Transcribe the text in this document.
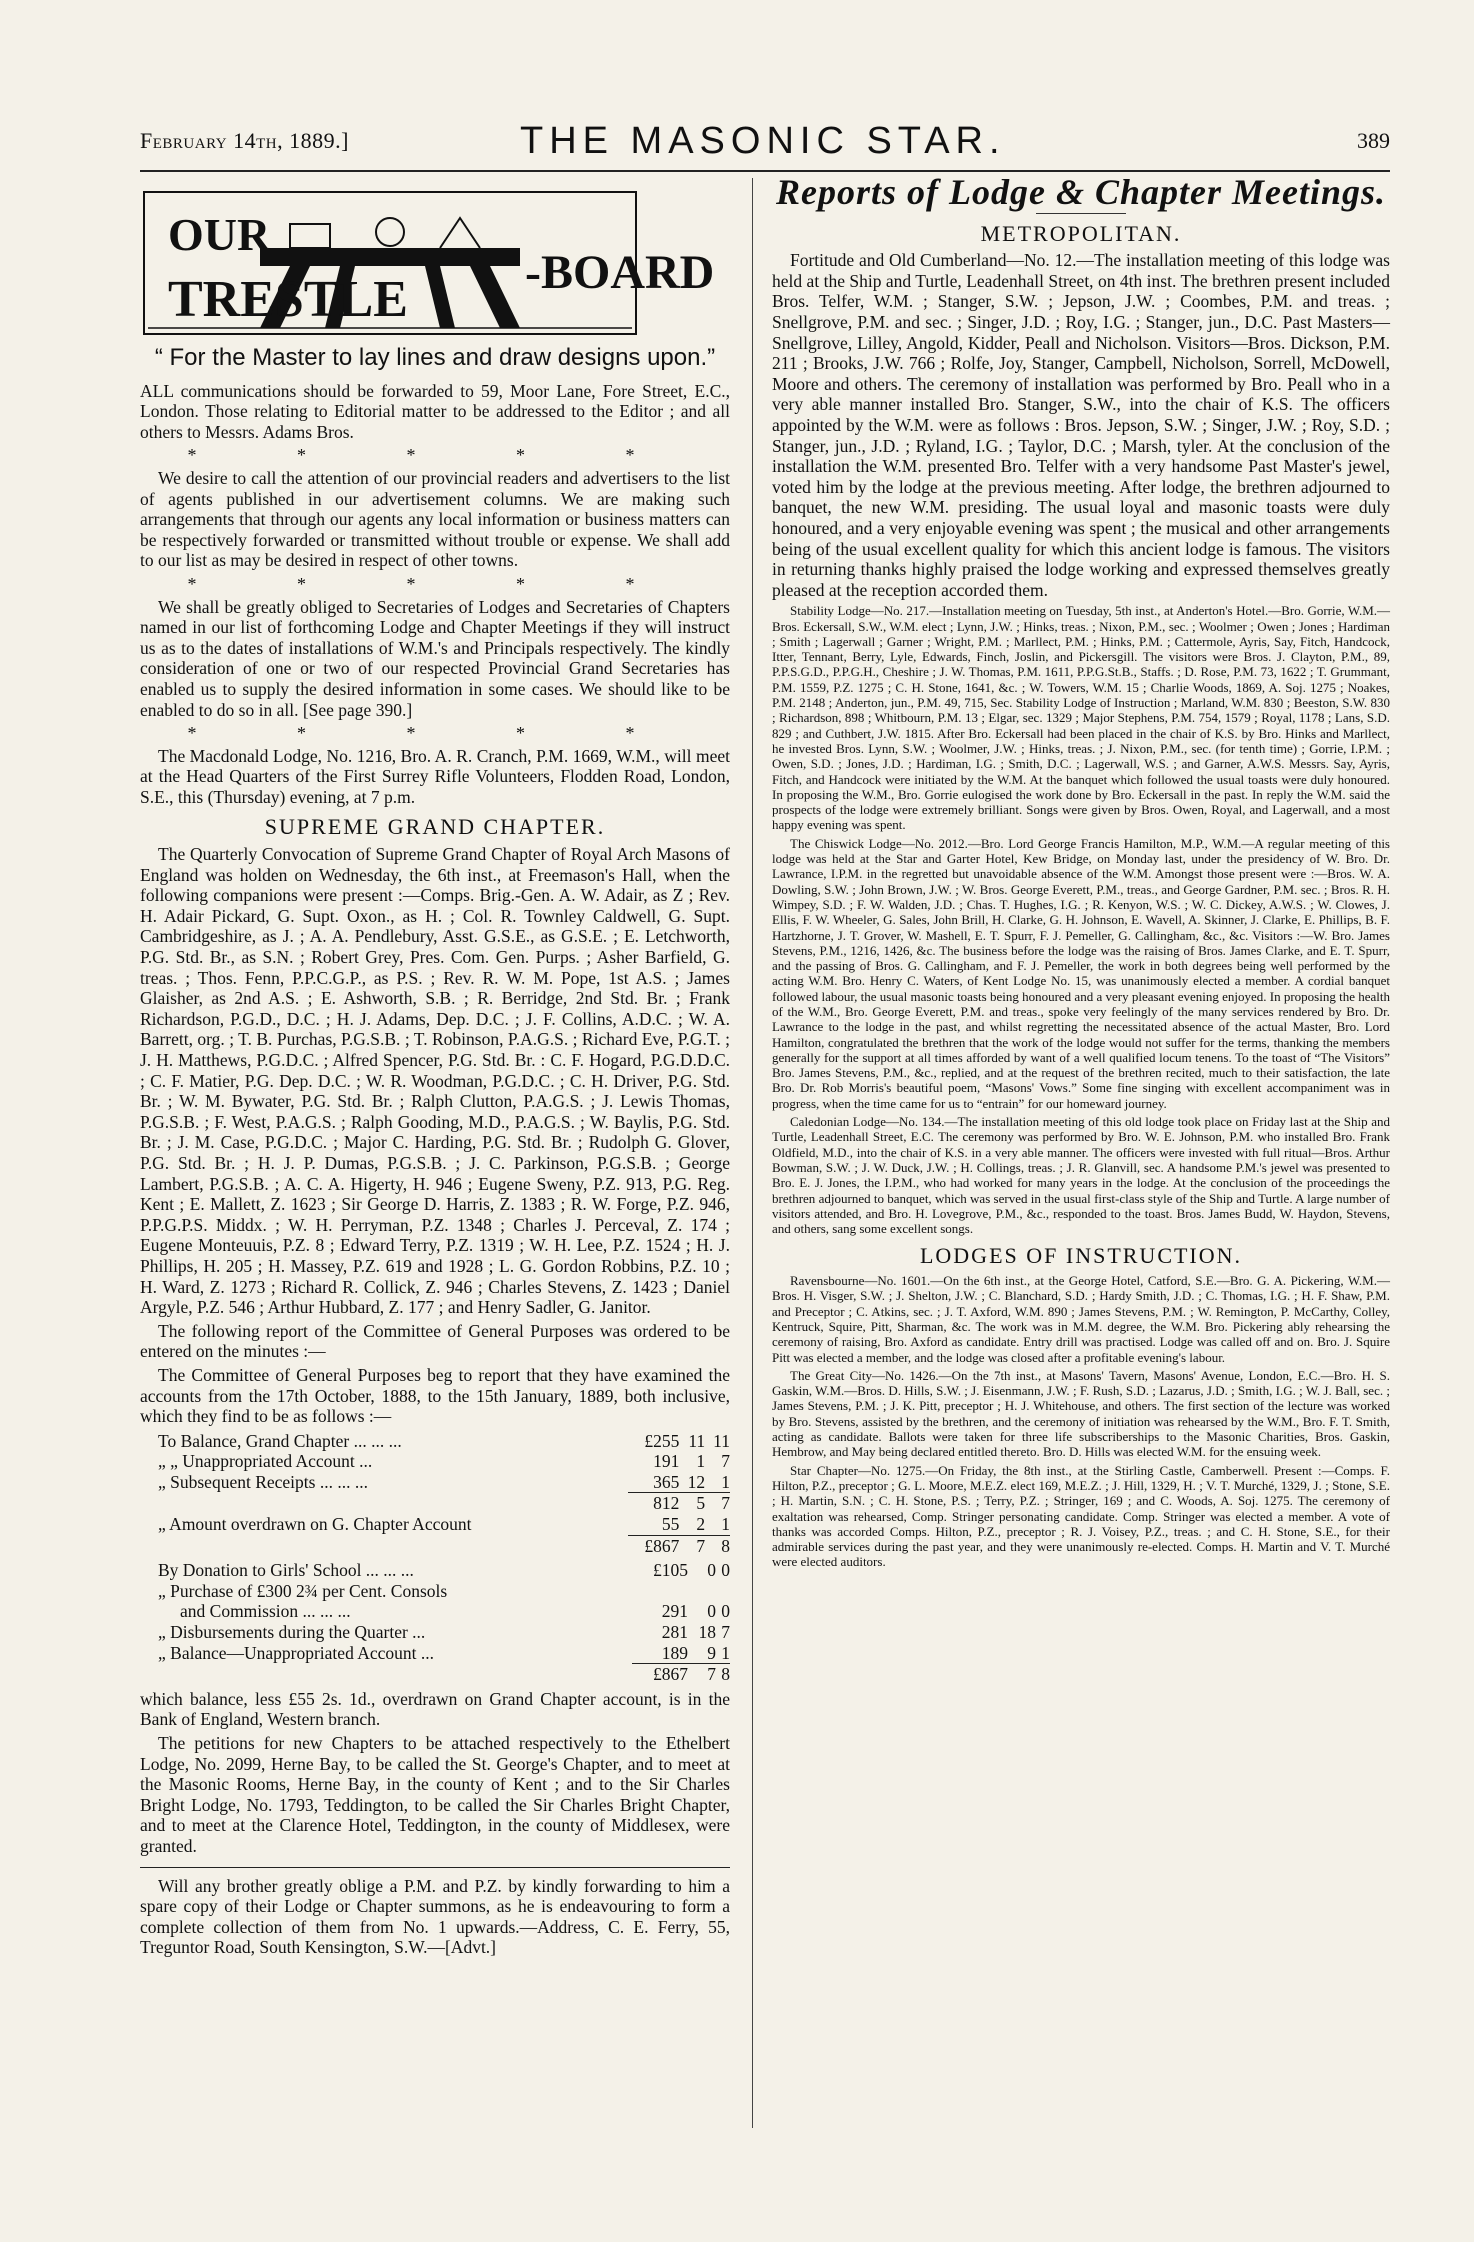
February 14th, 1889.]	THE MASONIC STAR.	389
OUR
TRESTLE -BOARD
“ For the Master to lay lines and draw designs upon.”

ALL communications should be forwarded to 59, Moor Lane, Fore Street, E.C., London. Those relating to Editorial matter to be addressed to the Editor ; and all others to Messrs. Adams Bros.

* * * * *

We desire to call the attention of our provincial readers and advertisers to the list of agents published in our advertisement columns. We are making such arrangements that through our agents any local information or business matters can be respectively forwarded or transmitted without trouble or expense. We shall add to our list as may be desired in respect of other towns.

* * * * *

We shall be greatly obliged to Secretaries of Lodges and Secretaries of Chapters named in our list of forthcoming Lodge and Chapter Meetings if they will instruct us as to the dates of installations of W.M.'s and Principals respectively. The kindly consideration of one or two of our respected Provincial Grand Secretaries has enabled us to supply the desired information in some cases. We should like to be enabled to do so in all. [See page 390.]

* * * * *

The Macdonald Lodge, No. 1216, Bro. A. R. Cranch, P.M. 1669, W.M., will meet at the Head Quarters of the First Surrey Rifle Volunteers, Flodden Road, London, S.E., this (Thursday) evening, at 7 p.m.

SUPREME GRAND CHAPTER.

The Quarterly Convocation of Supreme Grand Chapter of Royal Arch Masons of England was holden on Wednesday, the 6th inst., at Freemason's Hall, when the following companions were present :—Comps. Brig.-Gen. A. W. Adair, as Z ; Rev. H. Adair Pickard, G. Supt. Oxon., as H. ; Col. R. Townley Caldwell, G. Supt. Cambridgeshire, as J. ; A. A. Pendlebury, Asst. G.S.E., as G.S.E. ; E. Letchworth, P.G. Std. Br., as S.N. ; Robert Grey, Pres. Com. Gen. Purps. ; Asher Barfield, G. treas. ; Thos. Fenn, P.P.C.G.P., as P.S. ; Rev. R. W. M. Pope, 1st A.S. ; James Glaisher, as 2nd A.S. ; E. Ashworth, S.B. ; R. Berridge, 2nd Std. Br. ; Frank Richardson, P.G.D., D.C. ; H. J. Adams, Dep. D.C. ; J. F. Collins, A.D.C. ; W. A. Barrett, org. ; T. B. Purchas, P.G.S.B. ; T. Robinson, P.A.G.S. ; Richard Eve, P.G.T. ; J. H. Matthews, P.G.D.C. ; Alfred Spencer, P.G. Std. Br. : C. F. Hogard, P.G.D.D.C. ; C. F. Matier, P.G. Dep. D.C. ; W. R. Woodman, P.G.D.C. ; C. H. Driver, P.G. Std. Br. ; W. M. Bywater, P.G. Std. Br. ; Ralph Clutton, P.A.G.S. ; J. Lewis Thomas, P.G.S.B. ; F. West, P.A.G.S. ; Ralph Gooding, M.D., P.A.G.S. ; W. Baylis, P.G. Std. Br. ; J. M. Case, P.G.D.C. ; Major C. Harding, P.G. Std. Br. ; Rudolph G. Glover, P.G. Std. Br. ; H. J. P. Dumas, P.G.S.B. ; J. C. Parkinson, P.G.S.B. ; George Lambert, P.G.S.B. ; A. C. A. Higerty, H. 946 ; Eugene Sweny, P.Z. 913, P.G. Reg. Kent ; E. Mallett, Z. 1623 ; Sir George D. Harris, Z. 1383 ; R. W. Forge, P.Z. 946, P.P.G.P.S. Middx. ; W. H. Perryman, P.Z. 1348 ; Charles J. Perceval, Z. 174 ; Eugene Monteuuis, P.Z. 8 ; Edward Terry, P.Z. 1319 ; W. H. Lee, P.Z. 1524 ; H. J. Phillips, H. 205 ; H. Massey, P.Z. 619 and 1928 ; L. G. Gordon Robbins, P.Z. 10 ; H. Ward, Z. 1273 ; Richard R. Collick, Z. 946 ; Charles Stevens, Z. 1423 ; Daniel Argyle, P.Z. 546 ; Arthur Hubbard, Z. 177 ; and Henry Sadler, G. Janitor.

The following report of the Committee of General Purposes was ordered to be entered on the minutes :—

The Committee of General Purposes beg to report that they have examined the accounts from the 17th October, 1888, to the 15th January, 1889, both inclusive, which they find to be as follows :—

To Balance, Grand Chapter ... ... ...	£255	11	11
„ „ Unappropriated Account ...	191	1	7
„ Subsequent Receipts ... ... ...	365	12	1
	812	5	7
„ Amount overdrawn on G. Chapter Account	55	2	1
	£867	7	8
By Donation to Girls' School ... ... ...	£105	0	0
„ Purchase of £300 2¾ per Cent. Consols			
and Commission ... ... ...	291	0	0
„ Disbursements during the Quarter ...	281	18	7
„ Balance—Unappropriated Account ...	189	9	1
	£867	7	8

which balance, less £55 2s. 1d., overdrawn on Grand Chapter account, is in the Bank of England, Western branch.

The petitions for new Chapters to be attached respectively to the Ethelbert Lodge, No. 2099, Herne Bay, to be called the St. George's Chapter, and to meet at the Masonic Rooms, Herne Bay, in the county of Kent ; and to the Sir Charles Bright Lodge, No. 1793, Teddington, to be called the Sir Charles Bright Chapter, and to meet at the Clarence Hotel, Teddington, in the county of Middlesex, were granted.

Will any brother greatly oblige a P.M. and P.Z. by kindly forwarding to him a spare copy of their Lodge or Chapter summons, as he is endeavouring to form a complete collection of them from No. 1 upwards.—Address, C. E. Ferry, 55, Treguntor Road, South Kensington, S.W.—[Advt.]

Reports of Lodge & Chapter Meetings.
METROPOLITAN.

Fortitude and Old Cumberland—No. 12.—The installation meeting of this lodge was held at the Ship and Turtle, Leadenhall Street, on 4th inst. The brethren present included Bros. Telfer, W.M. ; Stanger, S.W. ; Jepson, J.W. ; Coombes, P.M. and treas. ; Snellgrove, P.M. and sec. ; Singer, J.D. ; Roy, I.G. ; Stanger, jun., D.C. Past Masters—Snellgrove, Lilley, Angold, Kidder, Peall and Nicholson. Visitors—Bros. Dickson, P.M. 211 ; Brooks, J.W. 766 ; Rolfe, Joy, Stanger, Campbell, Nicholson, Sorrell, McDowell, Moore and others. The ceremony of installation was performed by Bro. Peall who in a very able manner installed Bro. Stanger, S.W., into the chair of K.S. The officers appointed by the W.M. were as follows : Bros. Jepson, S.W. ; Singer, J.W. ; Roy, S.D. ; Stanger, jun., J.D. ; Ryland, I.G. ; Taylor, D.C. ; Marsh, tyler. At the conclusion of the installation the W.M. presented Bro. Telfer with a very handsome Past Master's jewel, voted him by the lodge at the previous meeting. After lodge, the brethren adjourned to banquet, the new W.M. presiding. The usual loyal and masonic toasts were duly honoured, and a very enjoyable evening was spent ; the musical and other arrangements being of the usual excellent quality for which this ancient lodge is famous. The visitors in returning thanks highly praised the lodge working and expressed themselves greatly pleased at the reception accorded them.

Stability Lodge—No. 217.—Installation meeting on Tuesday, 5th inst., at Anderton's Hotel.—Bro. Gorrie, W.M.—Bros. Eckersall, S.W., W.M. elect ; Lynn, J.W. ; Hinks, treas. ; Nixon, P.M., sec. ; Woolmer ; Owen ; Jones ; Hardiman ; Smith ; Lagerwall ; Garner ; Wright, P.M. ; Marllect, P.M. ; Hinks, P.M. ; Cattermole, Ayris, Say, Fitch, Handcock, Itter, Tennant, Berry, Lyle, Edwards, Finch, Joslin, and Pickersgill. The visitors were Bros. J. Clayton, P.M., 89, P.P.S.G.D., P.P.G.H., Cheshire ; J. W. Thomas, P.M. 1611, P.P.G.St.B., Staffs. ; D. Rose, P.M. 73, 1622 ; T. Grummant, P.M. 1559, P.Z. 1275 ; C. H. Stone, 1641, &c. ; W. Towers, W.M. 15 ; Charlie Woods, 1869, A. Soj. 1275 ; Noakes, P.M. 2148 ; Anderton, jun., P.M. 49, 715, Sec. Stability Lodge of Instruction ; Marland, W.M. 830 ; Beeston, S.W. 830 ; Richardson, 898 ; Whitbourn, P.M. 13 ; Elgar, sec. 1329 ; Major Stephens, P.M. 754, 1579 ; Royal, 1178 ; Lans, S.D. 829 ; and Cuthbert, J.W. 1815. After Bro. Eckersall had been placed in the chair of K.S. by Bro. Hinks and Marllect, he invested Bros. Lynn, S.W. ; Woolmer, J.W. ; Hinks, treas. ; J. Nixon, P.M., sec. (for tenth time) ; Gorrie, I.P.M. ; Owen, S.D. ; Jones, J.D. ; Hardiman, I.G. ; Smith, D.C. ; Lagerwall, W.S. ; and Garner, A.W.S. Messrs. Say, Ayris, Fitch, and Handcock were initiated by the W.M. At the banquet which followed the usual toasts were duly honoured. In proposing the W.M., Bro. Gorrie eulogised the work done by Bro. Eckersall in the past. In reply the W.M. said the prospects of the lodge were extremely brilliant. Songs were given by Bros. Owen, Royal, and Lagerwall, and a most happy evening was spent.

The Chiswick Lodge—No. 2012.—Bro. Lord George Francis Hamilton, M.P., W.M.—A regular meeting of this lodge was held at the Star and Garter Hotel, Kew Bridge, on Monday last, under the presidency of W. Bro. Dr. Lawrance, I.P.M. in the regretted but unavoidable absence of the W.M. Amongst those present were :—Bros. W. A. Dowling, S.W. ; John Brown, J.W. ; W. Bros. George Everett, P.M., treas., and George Gardner, P.M. sec. ; Bros. R. H. Wimpey, S.D. ; F. W. Walden, J.D. ; Chas. T. Hughes, I.G. ; R. Kenyon, W.S. ; W. C. Dickey, A.W.S. ; W. Clowes, J. Ellis, F. W. Wheeler, G. Sales, John Brill, H. Clarke, G. H. Johnson, E. Wavell, A. Skinner, J. Clarke, E. Phillips, B. F. Hartzhorne, J. T. Grover, W. Mashell, E. T. Spurr, F. J. Pemeller, G. Callingham, &c., &c. Visitors :—W. Bro. James Stevens, P.M., 1216, 1426, &c. The business before the lodge was the raising of Bros. James Clarke, and E. T. Spurr, and the passing of Bros. G. Callingham, and F. J. Pemeller, the work in both degrees being well performed by the acting W.M. Bro. Henry C. Waters, of Kent Lodge No. 15, was unanimously elected a member. A cordial banquet followed labour, the usual masonic toasts being honoured and a very pleasant evening enjoyed. In proposing the health of the W.M., Bro. George Everett, P.M. and treas., spoke very feelingly of the many services rendered by Bro. Dr. Lawrance to the lodge in the past, and whilst regretting the necessitated absence of the actual Master, Bro. Lord Hamilton, congratulated the brethren that the work of the lodge would not suffer for the terms, thanking the members generally for the support at all times afforded by want of a well qualified locum tenens. To the toast of “The Visitors” Bro. James Stevens, P.M., &c., replied, and at the request of the brethren recited, much to their satisfaction, the late Bro. Dr. Rob Morris's beautiful poem, “Masons' Vows.” Some fine singing with excellent accompaniment was in progress, when the time came for us to “entrain” for our homeward journey.

Caledonian Lodge—No. 134.—The installation meeting of this old lodge took place on Friday last at the Ship and Turtle, Leadenhall Street, E.C. The ceremony was performed by Bro. W. E. Johnson, P.M. who installed Bro. Frank Oldfield, M.D., into the chair of K.S. in a very able manner. The officers were invested with full ritual—Bros. Arthur Bowman, S.W. ; J. W. Duck, J.W. ; H. Collings, treas. ; J. R. Glanvill, sec. A handsome P.M.'s jewel was presented to Bro. E. J. Jones, the I.P.M., who had worked for many years in the lodge. At the conclusion of the proceedings the brethren adjourned to banquet, which was served in the usual first-class style of the Ship and Turtle. A large number of visitors attended, and Bro. H. Lovegrove, P.M., &c., responded to the toast. Bros. James Budd, W. Haydon, Stevens, and others, sang some excellent songs.

LODGES OF INSTRUCTION.

Ravensbourne—No. 1601.—On the 6th inst., at the George Hotel, Catford, S.E.—Bro. G. A. Pickering, W.M.—Bros. H. Visger, S.W. ; J. Shelton, J.W. ; C. Blanchard, S.D. ; Hardy Smith, J.D. ; C. Thomas, I.G. ; H. F. Shaw, P.M. and Preceptor ; C. Atkins, sec. ; J. T. Axford, W.M. 890 ; James Stevens, P.M. ; W. Remington, P. McCarthy, Colley, Kentruck, Squire, Pitt, Sharman, &c. The work was in M.M. degree, the W.M. Bro. Pickering ably rehearsing the ceremony of raising, Bro. Axford as candidate. Entry drill was practised. Lodge was called off and on. Bro. J. Squire Pitt was elected a member, and the lodge was closed after a profitable evening's labour.

The Great City—No. 1426.—On the 7th inst., at Masons' Tavern, Masons' Avenue, London, E.C.—Bro. H. S. Gaskin, W.M.—Bros. D. Hills, S.W. ; J. Eisenmann, J.W. ; F. Rush, S.D. ; Lazarus, J.D. ; Smith, I.G. ; W. J. Ball, sec. ; James Stevens, P.M. ; J. K. Pitt, preceptor ; H. J. Whitehouse, and others. The first section of the lecture was worked by Bro. Stevens, assisted by the brethren, and the ceremony of initiation was rehearsed by the W.M., Bro. F. T. Smith, acting as candidate. Ballots were taken for three life subscriberships to the Masonic Charities, Bros. Gaskin, Hembrow, and May being declared entitled thereto. Bro. D. Hills was elected W.M. for the ensuing week.

Star Chapter—No. 1275.—On Friday, the 8th inst., at the Stirling Castle, Camberwell. Present :—Comps. F. Hilton, P.Z., preceptor ; G. L. Moore, M.E.Z. elect 169, M.E.Z. ; J. Hill, 1329, H. ; V. T. Murché, 1329, J. ; Stone, S.E. ; H. Martin, S.N. ; C. H. Stone, P.S. ; Terry, P.Z. ; Stringer, 169 ; and C. Woods, A. Soj. 1275. The ceremony of exaltation was rehearsed, Comp. Stringer personating candidate. Comp. Stringer was elected a member. A vote of thanks was accorded Comps. Hilton, P.Z., preceptor ; R. J. Voisey, P.Z., treas. ; and C. H. Stone, S.E., for their admirable services during the past year, and they were unanimously re-elected. Comps. H. Martin and V. T. Murché were elected auditors.
